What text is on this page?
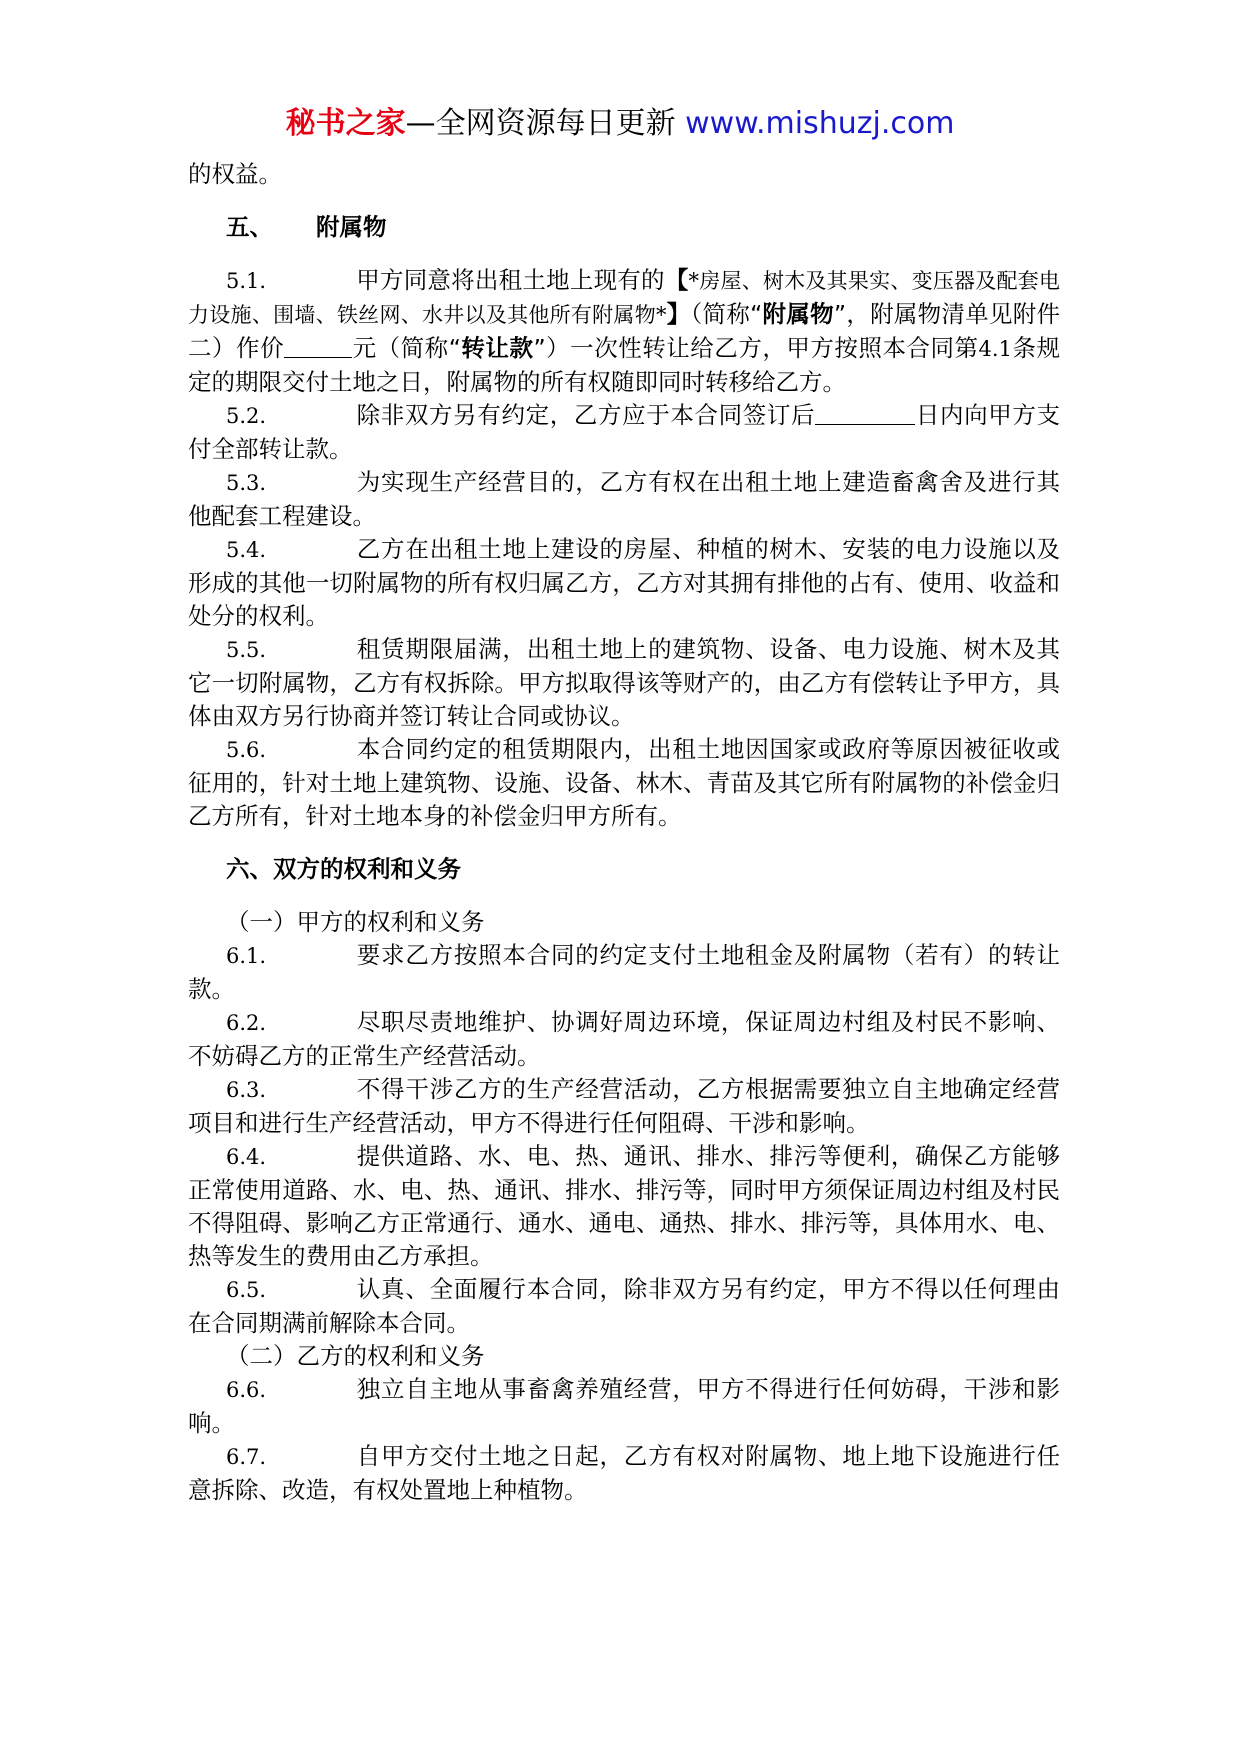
秘书之家—全网资源每日更新 www.mishuzj.com

的权益。

五、 附属物

5.1.	甲方同意将出租土地上现有的【*房屋、树木及其果实、变压器及配套电力设施、围墙、铁丝网、水井以及其他所有附属物*】（简称“附属物”，附属物清单见附件二）作价	元（简称“转让款”）一次性转让给乙方，甲方按照本合同第4.1条规定的期限交付土地之日，附属物的所有权随即同时转移给乙方。

5.2.	除非双方另有约定，乙方应于本合同签订后	日内向甲方支付全部转让款。

5.3.	为实现生产经营目的，乙方有权在出租土地上建造畜禽舍及进行其他配套工程建设。

5.4.	乙方在出租土地上建设的房屋、种植的树木、安装的电力设施以及形成的其他一切附属物的所有权归属乙方，乙方对其拥有排他的占有、使用、收益和处分的权利。

5.5.	租赁期限届满，出租土地上的建筑物、设备、电力设施、树木及其它一切附属物，乙方有权拆除。甲方拟取得该等财产的，由乙方有偿转让予甲方，具体由双方另行协商并签订转让合同或协议。

5.6.	本合同约定的租赁期限内，出租土地因国家或政府等原因被征收或征用的，针对土地上建筑物、设施、设备、林木、青苗及其它所有附属物的补偿金归乙方所有，针对土地本身的补偿金归甲方所有。

六、双方的权利和义务

（一）甲方的权利和义务

6.1.	要求乙方按照本合同的约定支付土地租金及附属物（若有）的转让款。

6.2.	尽职尽责地维护、协调好周边环境，保证周边村组及村民不影响、不妨碍乙方的正常生产经营活动。

6.3.	不得干涉乙方的生产经营活动，乙方根据需要独立自主地确定经营项目和进行生产经营活动，甲方不得进行任何阻碍、干涉和影响。

6.4.	提供道路、水、电、热、通讯、排水、排污等便利，确保乙方能够正常使用道路、水、电、热、通讯、排水、排污等，同时甲方须保证周边村组及村民不得阻碍、影响乙方正常通行、通水、通电、通热、排水、排污等，具体用水、电、热等发生的费用由乙方承担。

6.5.	认真、全面履行本合同，除非双方另有约定，甲方不得以任何理由在合同期满前解除本合同。

（二）乙方的权利和义务

6.6.	独立自主地从事畜禽养殖经营，甲方不得进行任何妨碍，干涉和影响。

6.7.	自甲方交付土地之日起，乙方有权对附属物、地上地下设施进行任意拆除、改造，有权处置地上种植物。
